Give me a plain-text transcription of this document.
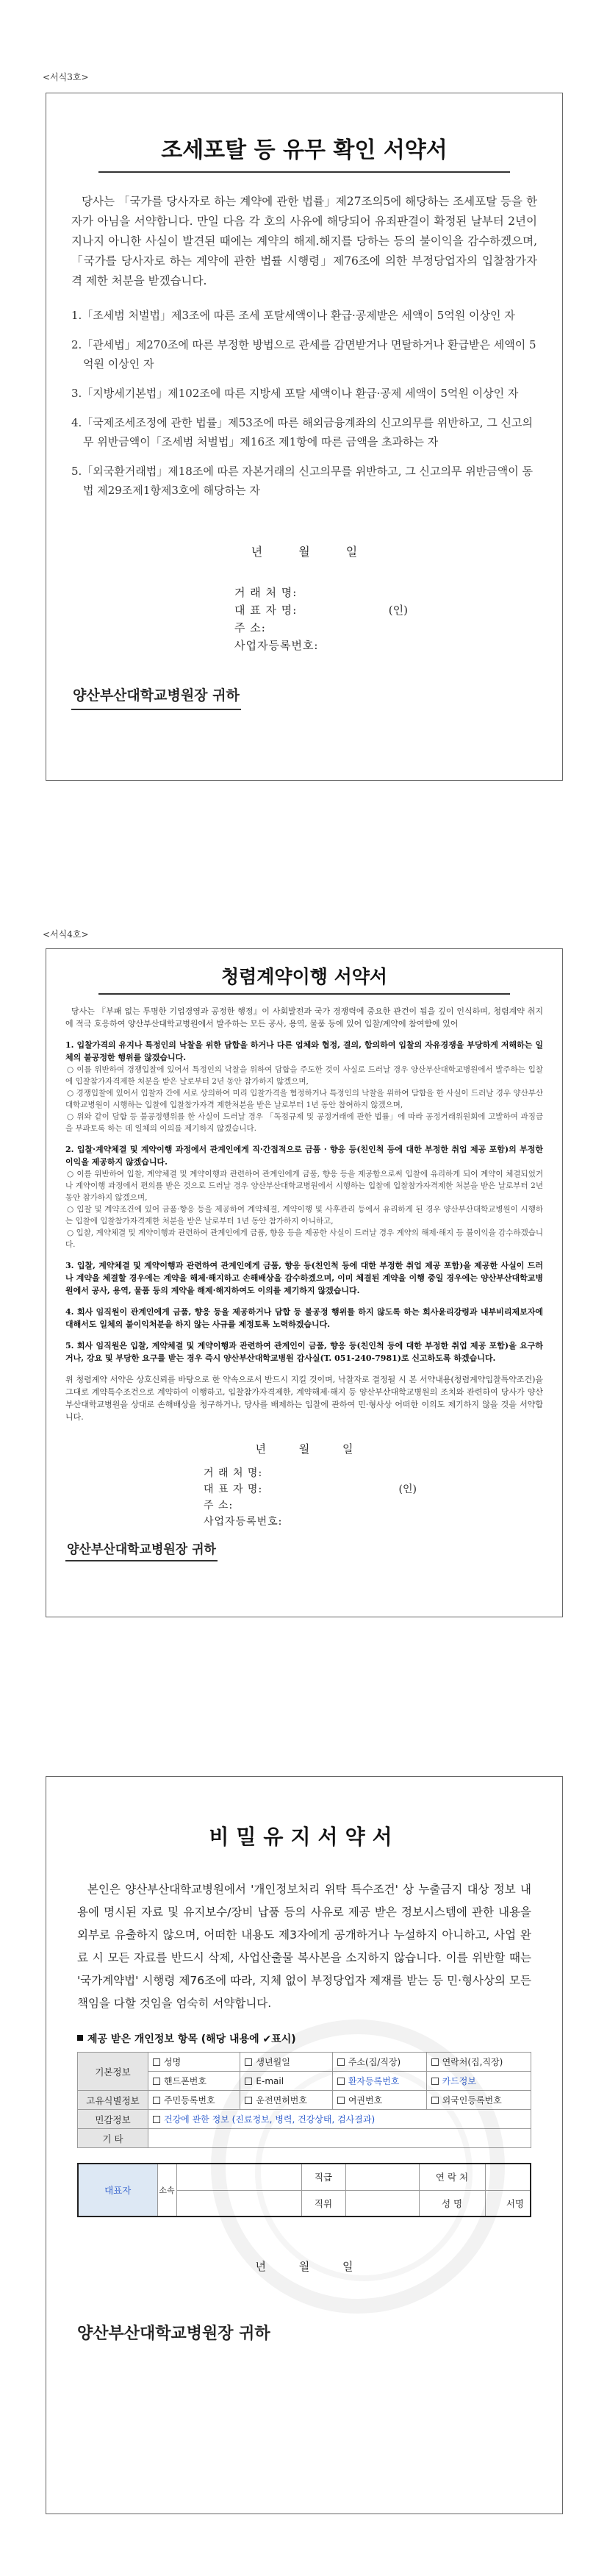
<서식3호>
조세포탈 등 유무 확인 서약서

당사는 「국가를 당사자로 하는 계약에 관한 법률」제27조의5에 해당하는 조세포탈 등을 한 자가 아님을 서약합니다. 만일 다음 각 호의 사유에 해당되어 유죄판결이 확정된 날부터 2년이 지나지 아니한 사실이 발견된 때에는 계약의 해제.해지를 당하는 등의 불이익을 감수하겠으며, 「국가를 당사자로 하는 계약에 관한 법률 시행령」제76조에 의한 부정당업자의 입찰참가자격 제한 처분을 받겠습니다.

1.「조세범 처벌법」제3조에 따른 조세 포탈세액이나 환급·공제받은 세액이 5억원 이상인 자
2.「관세법」제270조에 따른 부정한 방법으로 관세를 감면받거나 면탈하거나 환급받은 세액이 5억원 이상인 자
3.「지방세기본법」제102조에 따른 지방세 포탈 세액이나 환급·공제 세액이 5억원 이상인 자
4.「국제조세조정에 관한 법률」제53조에 따른 해외금융계좌의 신고의무를 위반하고, 그 신고의무 위반금액이「조세범 처벌법」제16조 제1항에 따른 금액을 초과하는 자
5.「외국환거래법」제18조에 따른 자본거래의 신고의무를 위반하고, 그 신고의무 위반금액이 동법 제29조제1항제3호에 해당하는 자
년 월 일
거 래 처 명:
대 표 자 명:	(인)
주 소:
사업자등록번호:
양산부산대학교병원장 귀하
<서식4호>
청렴계약이행 서약서

당사는 『부패 없는 투명한 기업경영과 공정한 행정』이 사회발전과 국가 경쟁력에 중요한 관건이 됨을 깊이 인식하며, 청렴계약 취지에 적극 호응하여 양산부산대학교병원에서 발주하는 모든 공사, 용역, 물품 등에 있어 입찰/계약에 참여함에 있어

1. 입찰가격의 유지나 특정인의 낙찰을 위한 담합을 하거나 다른 업체와 협정, 결의, 합의하여 입찰의 자유경쟁을 부당하게 저해하는 일체의 불공정한 행위를 않겠습니다.

○ 이를 위반하여 경쟁입찰에 있어서 특정인의 낙찰을 위하여 담합을 주도한 것이 사실로 드러날 경우 양산부산대학교병원에서 발주하는 입찰에 입찰참가자격제한 처분을 받은 날로부터 2년 동안 참가하지 않겠으며,

○ 경쟁입찰에 있어서 입찰자 간에 서로 상의하여 미리 입찰가격을 협정하거나 특정인의 낙찰을 위하여 담합을 한 사실이 드러날 경우 양산부산대학교병원이 시행하는 입찰에 입찰참가자격 제한처분을 받은 날로부터 1년 동안 참여하지 않겠으며,

○ 위와 같이 담합 등 불공정행위를 한 사실이 드러날 경우 「독점규제 및 공정거래에 관한 법률」에 따라 공정거래위원회에 고발하여 과징금을 부과토록 하는 데 일체의 이의를 제기하지 않겠습니다.

2. 입찰·계약체결 및 계약이행 과정에서 관계인에게 직·간접적으로 금품 · 향응 등(친인척 등에 대한 부정한 취업 제공 포함)의 부정한 이익을 제공하지 않겠습니다.

○ 이를 위반하여 입찰, 계약체결 및 계약이행과 관련하여 관계인에게 금품, 향응 등을 제공함으로써 입찰에 유리하게 되어 계약이 체결되었거나 계약이행 과정에서 편의를 받은 것으로 드러날 경우 양산부산대학교병원에서 시행하는 입찰에 입찰참가자격제한 처분을 받은 날로부터 2년 동안 참가하지 않겠으며,

○ 입찰 및 계약조건에 있어 금품·향응 등을 제공하여 계약체결, 계약이행 및 사후관리 등에서 유리하게 된 경우 양산부산대학교병원이 시행하는 입찰에 입찰참가자격제한 처분을 받은 날로부터 1년 동안 참가하지 아니하고,

○ 입찰, 계약체결 및 계약이행과 관련하여 관계인에게 금품, 향응 등을 제공한 사실이 드러날 경우 계약의 해제·해지 등 불이익을 감수하겠습니다.

3. 입찰, 계약체결 및 계약이행과 관련하여 관계인에게 금품, 향응 등(친인척 등에 대한 부정한 취업 제공 포함)을 제공한 사실이 드러나 계약을 체결할 경우에는 계약을 해제·해지하고 손해배상을 감수하겠으며, 이미 체결된 계약을 이행 중일 경우에는 양산부산대학교병원에서 공사, 용역, 물품 등의 계약을 해제·해지하여도 이의를 제기하지 않겠습니다.

4. 회사 임직원이 관계인에게 금품, 향응 등을 제공하거나 담합 등 불공정 행위를 하지 않도록 하는 회사윤리강령과 내부비리제보자에 대해서도 일체의 불이익처분을 하지 않는 사규를 제정토록 노력하겠습니다.

5. 회사 임직원은 입찰, 계약체결 및 계약이행과 관련하여 관계인이 금품, 향응 등(친인척 등에 대한 부정한 취업 제공 포함)을 요구하거나, 강요 및 부당한 요구를 받는 경우 즉시 양산부산대학교병원 감사실(T. 051-240-7981)로 신고하도록 하겠습니다.

위 청렴계약 서약은 상호신뢰를 바탕으로 한 약속으로서 반드시 지킬 것이며, 낙찰자로 결정될 시 본 서약내용(청렴계약입찰특약조건)을 그대로 계약특수조건으로 계약하여 이행하고, 입찰참가자격제한, 계약해제·해지 등 양산부산대학교병원의 조치와 관련하여 당사가 양산부산대학교병원을 상대로 손해배상을 청구하거나, 당사를 배제하는 입찰에 관하여 민·형사상 어떠한 이의도 제기하지 않을 것을 서약합니다.

년 월 일
거 래 처 명:
대 표 자 명:	(인)
주 소:
사업자등록번호:
양산부산대학교병원장 귀하
비밀유지서약서

본인은 양산부산대학교병원에서 '개인정보처리 위탁 특수조건' 상 누출금지 대상 정보 내용에 명시된 자료 및 유지보수/장비 납품 등의 사유로 제공 받은 정보시스템에 관한 내용을 외부로 유출하지 않으며, 어떠한 내용도 제3자에게 공개하거나 누설하지 아니하고, 사업 완료 시 모든 자료를 반드시 삭제, 사업산출물 복사본을 소지하지 않습니다. 이를 위반할 때는 '국가계약법' 시행령 제76조에 따라, 지체 없이 부정당업자 제재를 받는 등 민·형사상의 모든 책임을 다할 것임을 엄숙히 서약합니다.

제공 받은 개인정보 항목 (해당 내용에 ✔표시)
기본정보	성명	생년월일	주소(집/직장)	연락처(집,직장)
	핸드폰번호	E-mail	환자등록번호	카드정보
고유식별정보	주민등록번호	운전면허번호	여권번호	외국인등록번호
민감정보	건강에 관한 정보 (진료정보, 병력, 건강상태, 검사결과)			
기 타				
대표자	소속		직급		연 락 처	
			직위		성 명	서명
년 월 일
양산부산대학교병원장 귀하
